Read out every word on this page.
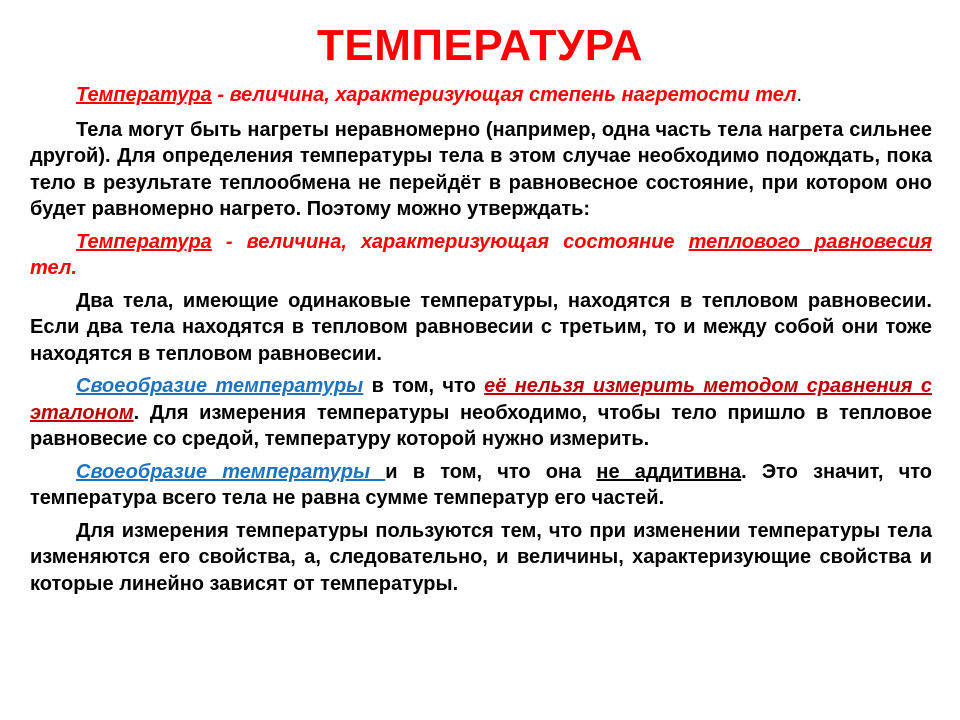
ТЕМПЕРАТУРА

Температура - величина, характеризующая степень нагретости тел.

Тела могут быть нагреты неравномерно (например, одна часть тела нагрета сильнее другой). Для определения температуры тела в этом случае необходимо подождать, пока тело в результате теплообмена не перейдёт в равновесное состояние, при котором оно будет равномерно нагрето. Поэтому можно утверждать:

Температура - величина, характеризующая состояние теплового равновесия тел.

Два тела, имеющие одинаковые температуры, находятся в тепловом равновесии. Если два тела находятся в тепловом равновесии с третьим, то и между собой они тоже находятся в тепловом равновесии.

Своеобразие температуры в том, что её нельзя измерить методом сравнения с эталоном. Для измерения температуры необходимо, чтобы тело пришло в тепловое равновесие со средой, температуру которой нужно измерить.

Своеобразие температуры и в том, что она не аддитивна. Это значит, что температура всего тела не равна сумме температур его частей.

Для измерения температуры пользуются тем, что при изменении температуры тела изменяются его свойства, а, следовательно, и величины, характеризующие свойства и которые линейно зависят от температуры.
